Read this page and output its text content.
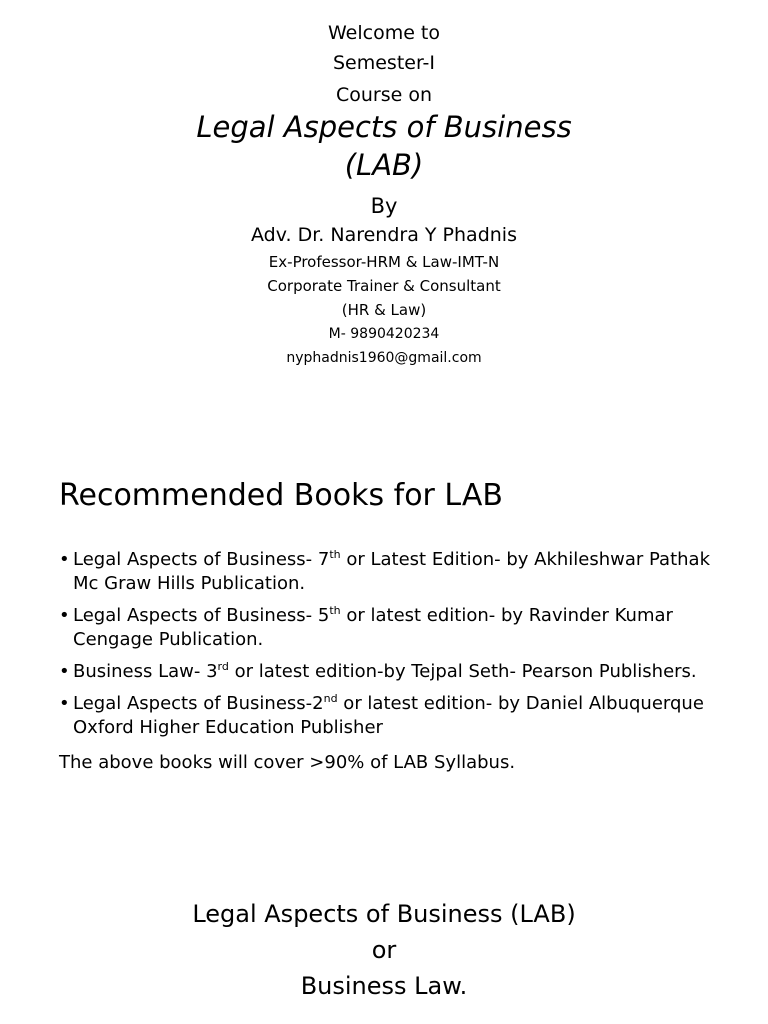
Welcome to
Semester-I
Course on
Legal Aspects of Business
(LAB)
By
Adv. Dr. Narendra Y Phadnis
Ex-Professor-HRM & Law-IMT-N
Corporate Trainer & Consultant
(HR & Law)
M- 9890420234
nyphadnis1960@gmail.com
Recommended Books for LAB
• Legal Aspects of Business- 7th or Latest Edition- by Akhileshwar Pathak Mc Graw Hills Publication.
• Legal Aspects of Business- 5th or latest edition- by Ravinder Kumar Cengage Publication.
• Business Law- 3rd or latest edition-by Tejpal Seth- Pearson Publishers.
• Legal Aspects of Business-2nd or latest edition- by Daniel Albuquerque Oxford Higher Education Publisher
The above books will cover >90% of LAB Syllabus.
Legal Aspects of Business (LAB)
or
Business Law.
